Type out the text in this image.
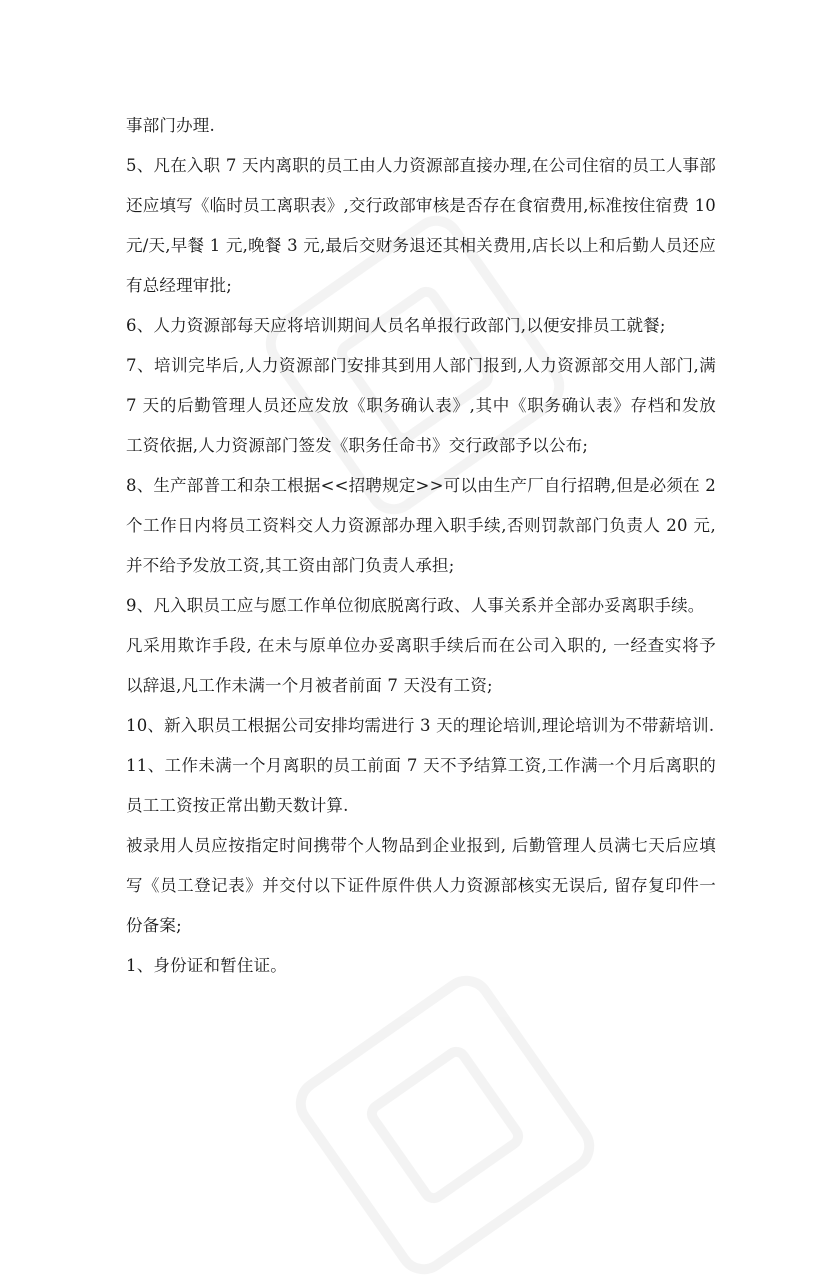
事部门办理.
5、凡在入职 7 天内离职的员工由人力资源部直接办理,在公司住宿的员工人事部
还应填写《临时员工离职表》,交行政部审核是否存在食宿费用,标准按住宿费 10
元/天,早餐 1 元,晚餐 3 元,最后交财务退还其相关费用,店长以上和后勤人员还应
有总经理审批;
6、人力资源部每天应将培训期间人员名单报行政部门,以便安排员工就餐;
7、培训完毕后,人力资源部门安排其到用人部门报到,人力资源部交用人部门,满
7 天的后勤管理人员还应发放《职务确认表》,其中《职务确认表》存档和发放
工资依据,人力资源部门签发《职务任命书》交行政部予以公布;
8、生产部普工和杂工根据<<招聘规定>>可以由生产厂自行招聘,但是必须在 2
个工作日内将员工资料交人力资源部办理入职手续,否则罚款部门负责人 20 元,
并不给予发放工资,其工资由部门负责人承担;
9、凡入职员工应与愿工作单位彻底脱离行政、人事关系并全部办妥离职手续。
凡采用欺诈手段, 在未与原单位办妥离职手续后而在公司入职的, 一经查实将予
以辞退,凡工作未满一个月被者前面 7 天没有工资;
10、新入职员工根据公司安排均需进行 3 天的理论培训,理论培训为不带薪培训.
11、工作未满一个月离职的员工前面 7 天不予结算工资,工作满一个月后离职的
员工工资按正常出勤天数计算.
被录用人员应按指定时间携带个人物品到企业报到, 后勤管理人员满七天后应填
写《员工登记表》并交付以下证件原件供人力资源部核实无误后, 留存复印件一
份备案;
1、身份证和暂住证。
